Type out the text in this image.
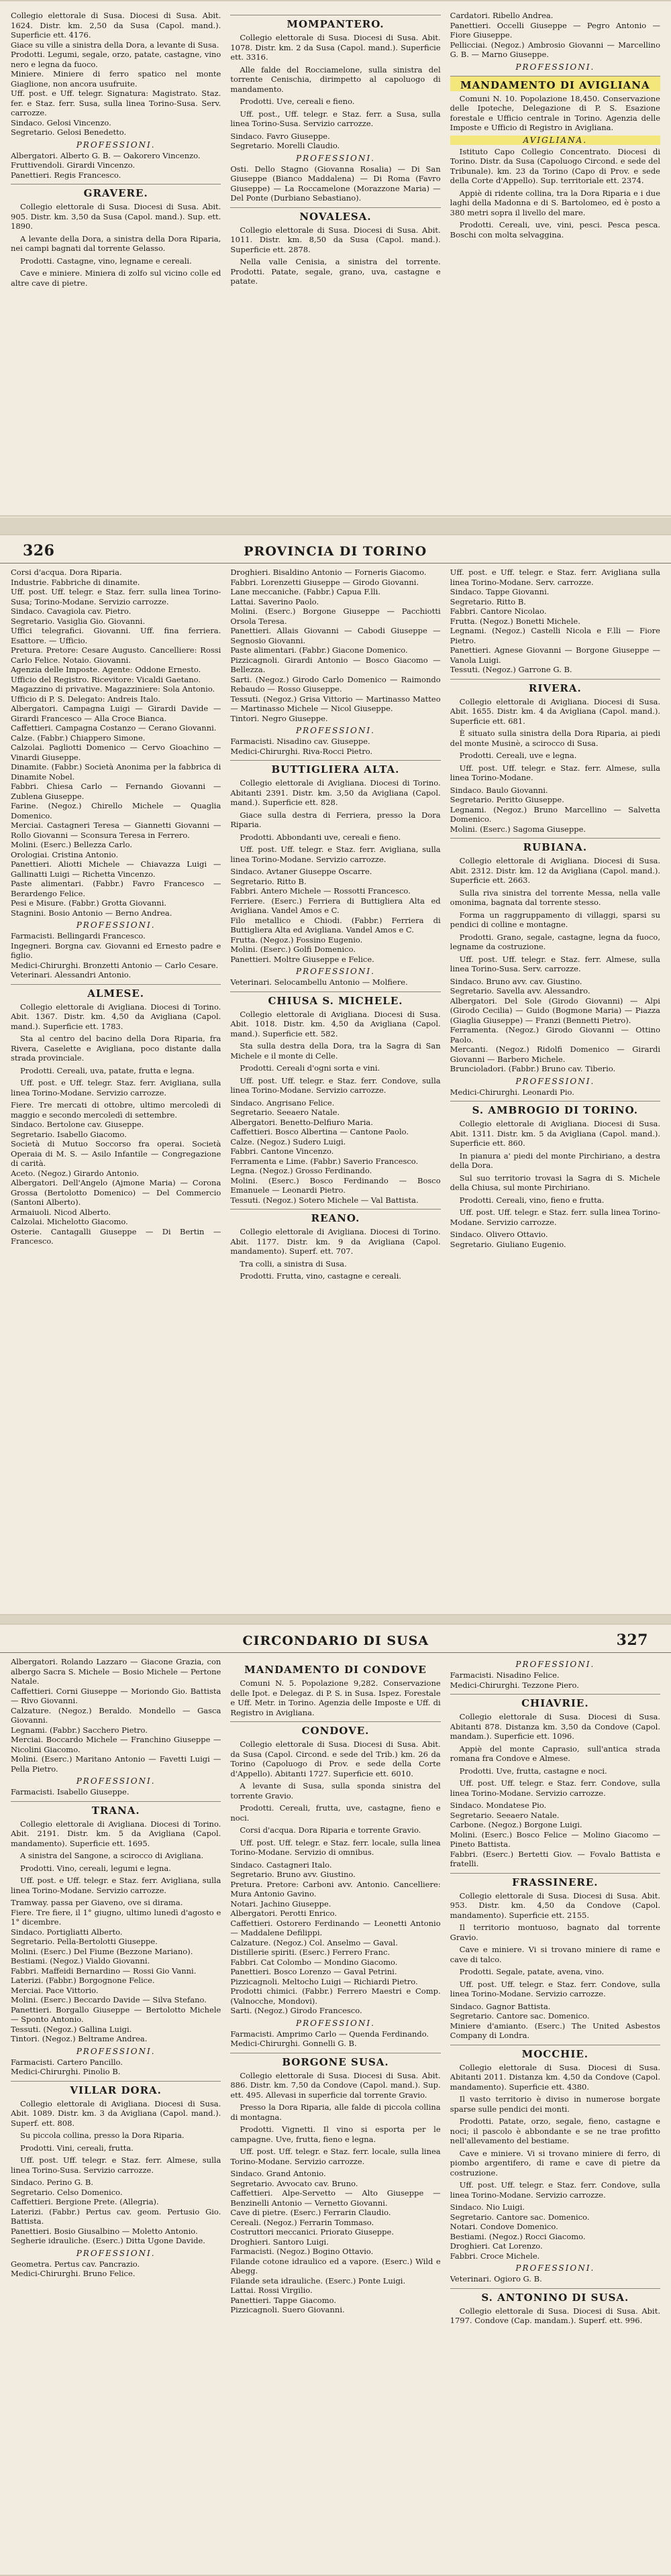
Collegio elettorale di Susa. Diocesi di Susa. Abit. 1624. Distr. km. 2,50 da Susa (Capol. mand.). Superficie ett. 4176.
Giace su ville a sinistra della Dora, a levante di Susa.
Prodotti. Legumi, segale, orzo, patate, castagne, vino nero e legna da fuoco.
Miniere. Miniere di ferro spatico nel monte Giaglione, non ancora usufruite.
Uff. post. e Uff. telegr. Signatura: Magistrato. Staz. fer. e Staz. ferr. Susa, sulla linea Torino-Susa. Serv. carrozze.
Sindaco. Gelosi Vincenzo.
Segretario. Gelosi Benedetto.
PROFESSIONI.
Albergatori. Alberto G. B. — Oakorero Vincenzo.
Fruttivendoli. Girardi Vincenzo.
Panettieri. Regis Francesco.
GRAVERE.
Collegio elettorale di Susa. Diocesi di Susa. Abit. 905. Distr. km. 3,50 da Susa (Capol. mand.). Sup. ett. 1890.
A levante della Dora, a sinistra della Dora Riparia, nei campi bagnati dal torrente Gelasso.
Prodotti. Castagne, vino, legname e cereali.
Cave e miniere. Miniera di zolfo sul vicino colle ed altre cave di pietre.
MOMPANTERO.
Collegio elettorale di Susa. Diocesi di Susa. Abit. 1078. Distr. km. 2 da Susa (Capol. mand.). Superficie ett. 3316.
Alle falde del Rocciamelone, sulla sinistra del torrente Cenischia, dirimpetto al capoluogo di mandamento.
Prodotti. Uve, cereali e fieno.
Uff. post., Uff. telegr. e Staz. ferr. a Susa, sulla linea Torino-Susa. Servizio carrozze.
Sindaco. Favro Giuseppe.
Segretario. Morelli Claudio.
PROFESSIONI.
Osti. Dello Stagno (Giovanna Rosalia) — Di San Giuseppe (Bianco Maddalena) — Di Roma (Favro Giuseppe) — La Roccamelone (Morazzone Maria) — Del Ponte (Durbiano Sebastiano).
NOVALESA.
Collegio elettorale di Susa. Diocesi di Susa. Abit. 1011. Distr. km. 8,50 da Susa (Capol. mand.). Superficie ett. 2878.
Nella valle Cenisia, a sinistra del torrente. Prodotti. Patate, segale, grano, uva, castagne e patate.
Cardatori. Ribello Andrea.
Panettieri. Occelli Giuseppe — Pegro Antonio — Fiore Giuseppe.
Pellicciai. (Negoz.) Ambrosio Giovanni — Marcellino G. B. — Marno Giuseppe.
PROFESSIONI.
MANDAMENTO DI AVIGLIANA
Comuni N. 10. Popolazione 18,450. Conservazione delle Ipoteche, Delegazione di P. S. Esazione forestale e Ufficio centrale in Torino. Agenzia delle Imposte e Ufficio di Registro in Avigliana.
AVIGLIANA.
Istituto Capo Collegio Concentrato. Diocesi di Torino. Distr. da Susa (Capoluogo Circond. e sede del Tribunale). km. 23 da Torino (Capo di Prov. e sede della Corte d'Appello). Sup. territoriale ett. 2374.
Appiè di ridente collina, tra la Dora Riparia e i due laghi della Madonna e di S. Bartolomeo, ed è posto a 380 metri sopra il livello del mare.
Prodotti. Cereali, uve, vini, pesci. Pesca pesca. Boschi con molta selvaggina.
326	PROVINCIA DI TORINO
Corsi d'acqua. Dora Riparia.
Industrie. Fabbriche di dinamite.
Uff. post. Uff. telegr. e Staz. ferr. sulla linea Torino-Susa; Torino-Modane. Servizio carrozze.
Sindaco. Cavagiola cav. Pietro.
Segretario. Vasiglia Gio. Giovanni.
Uffici telegrafici. Giovanni. Uff. fina ferriera. Esattore. — Ufficio.
Pretura. Pretore: Cesare Augusto. Cancelliere: Rossi Carlo Felice. Notaio. Giovanni.
Agenzia delle Imposte. Agente: Oddone Ernesto.
Ufficio del Registro. Ricevitore: Vicaldi Gaetano.
Magazzino di privative. Magazziniere: Sola Antonio.
Ufficio di P. S. Delegato: Andreis Italo.
Albergatori. Campagna Luigi — Girardi Davide — Girardi Francesco — Alla Croce Bianca.
Caffettieri. Campagna Costanzo — Cerano Giovanni.
Calze. (Fabbr.) Chiappero Simone.
Calzolai. Pagliotti Domenico — Cervo Gioachino — Vinardi Giuseppe.
Dinamite. (Fabbr.) Società Anonima per la fabbrica di Dinamite Nobel.
Fabbri. Chiesa Carlo — Fernando Giovanni — Zublena Giuseppe.
Farine. (Negoz.) Chirello Michele — Quaglia Domenico.
Merciai. Castagneri Teresa — Giannetti Giovanni — Rollo Giovanni — Sconsura Teresa in Ferrero.
Molini. (Eserc.) Bellezza Carlo.
Orologiai. Cristina Antonio.
Panettieri. Aliotti Michele — Chiavazza Luigi — Gallinatti Luigi — Richetta Vincenzo.
Paste alimentari. (Fabbr.) Favro Francesco — Berardengo Felice.
Pesi e Misure. (Fabbr.) Grotta Giovanni.
Stagnini. Bosio Antonio — Berno Andrea.
PROFESSIONI.
Farmacisti. Bellingardi Francesco.
Ingegneri. Borgna cav. Giovanni ed Ernesto padre e figlio.
Medici-Chirurghi. Bronzetti Antonio — Carlo Cesare.
Veterinari. Alessandri Antonio.
ALMESE.
Collegio elettorale di Avigliana. Diocesi di Torino. Abit. 1367. Distr. km. 4,50 da Avigliana (Capol. mand.). Superficie ett. 1783.
Sta al centro del bacino della Dora Riparia, fra Rivera, Caselette e Avigliana, poco distante dalla strada provinciale.
Prodotti. Cereali, uva, patate, frutta e legna.
Uff. post. e Uff. telegr. Staz. ferr. Avigliana, sulla linea Torino-Modane. Servizio carrozze.
Fiere. Tre mercati di ottobre, ultimo mercoledì di maggio e secondo mercoledì di settembre.
Sindaco. Bertolone cav. Giuseppe.
Segretario. Isabello Giacomo.
Società di Mutuo Soccorso fra operai. Società Operaia di M. S. — Asilo Infantile — Congregazione di carità.
Aceto. (Negoz.) Girardo Antonio.
Albergatori. Dell'Angelo (Ajmone Maria) — Corona Grossa (Bertolotto Domenico) — Del Commercio (Santoni Alberto).
Armaiuoli. Nicod Alberto.
Calzolai. Michelotto Giacomo.
Osterie. Cantagalli Giuseppe — Di Bertin — Francesco.
Droghieri. Bisaldino Antonio — Forneris Giacomo.
Fabbri. Lorenzetti Giuseppe — Girodo Giovanni.
Lane meccaniche. (Fabbr.) Capua F.lli.
Lattai. Saverino Paolo.
Molini. (Eserc.) Borgone Giuseppe — Pacchiotti Orsola Teresa.
Panettieri. Allais Giovanni — Cabodi Giuseppe — Segnosio Giovanni.
Paste alimentari. (Fabbr.) Giacone Domenico.
Pizzicagnoli. Girardi Antonio — Bosco Giacomo — Bellezza.
Sarti. (Negoz.) Girodo Carlo Domenico — Raimondo Rebaudo — Rosso Giuseppe.
Tessuti. (Negoz.) Grisa Vittorio — Martinasso Matteo — Martinasso Michele — Nicol Giuseppe.
Tintori. Negro Giuseppe.
PROFESSIONI.
Farmacisti. Nisadino cav. Giuseppe.
Medici-Chirurghi. Riva-Rocci Pietro.
BUTTIGLIERA ALTA.
Collegio elettorale di Avigliana. Diocesi di Torino. Abitanti 2391. Distr. km. 3,50 da Avigliana (Capol. mand.). Superficie ett. 828.
Giace sulla destra di Ferriera, presso la Dora Riparia.
Prodotti. Abbondanti uve, cereali e fieno.
Uff. post. Uff. telegr. e Staz. ferr. Avigliana, sulla linea Torino-Modane. Servizio carrozze.
Sindaco. Avtaner Giuseppe Oscarre.
Segretario. Ritto B.
Fabbri. Antero Michele — Rossotti Francesco.
Ferriere. (Eserc.) Ferriera di Buttigliera Alta ed Avigliana. Vandel Amos e C.
Filo metallico e Chiodi. (Fabbr.) Ferriera di Buttigliera Alta ed Avigliana. Vandel Amos e C.
Frutta. (Negoz.) Fossino Eugenio.
Molini. (Eserc.) Golfi Domenico.
Panettieri. Moltre Giuseppe e Felice.
PROFESSIONI.
Veterinari. Selocambellu Antonio — Molfiere.
CHIUSA S. MICHELE.
Collegio elettorale di Avigliana. Diocesi di Susa. Abit. 1018. Distr. km. 4,50 da Avigliana (Capol. mand.). Superficie ett. 582.
Sta sulla destra della Dora, tra la Sagra di San Michele e il monte di Celle.
Prodotti. Cereali d'ogni sorta e vini.
Uff. post. Uff. telegr. e Staz. ferr. Condove, sulla linea Torino-Modane. Servizio carrozze.
Sindaco. Angrisano Felice.
Segretario. Seeaero Natale.
Albergatori. Benetto-Delfiuro Maria.
Caffettieri. Bosco Albertina — Cantone Paolo.
Calze. (Negoz.) Sudero Luigi.
Fabbri. Cantone Vincenzo.
Ferramenta e Lime. (Fabbr.) Saverio Francesco.
Legna. (Negoz.) Grosso Ferdinando.
Molini. (Eserc.) Bosco Ferdinando — Bosco Emanuele — Leonardi Pietro.
Tessuti. (Negoz.) Sotero Michele — Val Battista.
REANO.
Collegio elettorale di Avigliana. Diocesi di Torino. Abit. 1177. Distr. km. 9 da Avigliana (Capol. mandamento). Superf. ett. 707.
Tra colli, a sinistra di Susa.
Prodotti. Frutta, vino, castagne e cereali.
Uff. post. e Uff. telegr. e Staz. ferr. Avigliana sulla linea Torino-Modane. Serv. carrozze.
Sindaco. Tappe Giovanni.
Segretario. Ritto B.
Fabbri. Cantore Nicolao.
Frutta. (Negoz.) Bonetti Michele.
Legnami. (Negoz.) Castelli Nicola e F.lli — Fiore Pietro.
Panettieri. Agnese Giovanni — Borgone Giuseppe — Vanola Luigi.
Tessuti. (Negoz.) Garrone G. B.
RIVERA.
Collegio elettorale di Avigliana. Diocesi di Susa. Abit. 1655. Distr. km. 4 da Avigliana (Capol. mand.). Superficie ett. 681.
È situato sulla sinistra della Dora Riparia, ai piedi del monte Musinè, a scirocco di Susa.
Prodotti. Cereali, uve e legna.
Uff. post. Uff. telegr. e Staz. ferr. Almese, sulla linea Torino-Modane.
Sindaco. Baulo Giovanni.
Segretario. Peritto Giuseppe.
Legnami. (Negoz.) Bruno Marcellino — Salvetta Domenico.
Molini. (Eserc.) Sagoma Giuseppe.
RUBIANA.
Collegio elettorale di Avigliana. Diocesi di Susa. Abit. 2312. Distr. km. 12 da Avigliana (Capol. mand.). Superficie ett. 2663.
Sulla riva sinistra del torrente Messa, nella valle omonima, bagnata dal torrente stesso.
Forma un raggruppamento di villaggi, sparsi su pendici di colline e montagne.
Prodotti. Grano, segale, castagne, legna da fuoco, legname da costruzione.
Uff. post. Uff. telegr. e Staz. ferr. Almese, sulla linea Torino-Susa. Serv. carrozze.
Sindaco. Bruno avv. cav. Giustino.
Segretario. Savella avv. Alessandro.
Albergatori. Del Sole (Girodo Giovanni) — Alpi (Girodo Cecilia) — Guido (Bogmone Maria) — Piazza (Giaglia Giuseppe) — Franzi (Bennetti Pietro).
Ferramenta. (Negoz.) Girodo Giovanni — Ottino Paolo.
Mercanti. (Negoz.) Ridolfi Domenico — Girardi Giovanni — Barbero Michele.
Bruncioladori. (Fabbr.) Bruno cav. Tiberio.
PROFESSIONI.
Medici-Chirurghi. Leonardi Pio.
S. AMBROGIO DI TORINO.
Collegio elettorale di Avigliana. Diocesi di Susa. Abit. 1311. Distr. km. 5 da Avigliana (Capol. mand.). Superficie ett. 860.
In pianura a' piedi del monte Pirchiriano, a destra della Dora.
Sul suo territorio trovasi la Sagra di S. Michele della Chiusa, sul monte Pirchiriano.
Prodotti. Cereali, vino, fieno e frutta.
Uff. post. Uff. telegr. e Staz. ferr. sulla linea Torino-Modane. Servizio carrozze.
Sindaco. Olivero Ottavio.
Segretario. Giuliano Eugenio.
CIRCONDARIO DI SUSA	327
Albergatori. Rolando Lazzaro — Giacone Grazia, con albergo Sacra S. Michele — Bosio Michele — Pertone Natale.
Caffettieri. Corni Giuseppe — Moriondo Gio. Battista — Rivo Giovanni.
Calzature. (Negoz.) Beraldo. Mondello — Gasca Giovanni.
Legnami. (Fabbr.) Sacchero Pietro.
Merciai. Boccardo Michele — Franchino Giuseppe — Nicolini Giacomo.
Molini. (Eserc.) Maritano Antonio — Favetti Luigi — Pella Pietro.
PROFESSIONI.
Farmacisti. Isabello Giuseppe.
TRANA.
Collegio elettorale di Avigliana. Diocesi di Torino. Abit. 2191. Distr. km. 5 da Avigliana (Capol. mandamento). Superficie ett. 1695.
A sinistra del Sangone, a scirocco di Avigliana.
Prodotti. Vino, cereali, legumi e legna.
Uff. post. e Uff. telegr. e Staz. ferr. Avigliana, sulla linea Torino-Modane. Servizio carrozze.
Tramway. passa per Giaveno, ove si dirama.
Fiere. Tre fiere, il 1° giugno, ultimo lunedì d'agosto e 1° dicembre.
Sindaco. Portigliatti Alberto.
Segretario. Pella-Bertolotti Giuseppe.
Molini. (Eserc.) Del Fiume (Bezzone Mariano).
Bestiami. (Negoz.) Vialdo Giovanni.
Fabbri. Maffeidi Bernardino — Rossi Gio Vanni.
Laterizi. (Fabbr.) Borgognone Felice.
Merciai. Pace Vittorio.
Molini. (Eserc.) Beccardo Davide — Silva Stefano.
Panettieri. Borgallo Giuseppe — Bertolotto Michele — Sponto Antonio.
Tessuti. (Negoz.) Gallina Luigi.
Tintori. (Negoz.) Beltrame Andrea.
PROFESSIONI.
Farmacisti. Cartero Pancillo.
Medici-Chirurghi. Pinolio B.
VILLAR DORA.
Collegio elettorale di Avigliana. Diocesi di Susa. Abit. 1089. Distr. km. 3 da Avigliana (Capol. mand.). Superf. ett. 808.
Su piccola collina, presso la Dora Riparia.
Prodotti. Vini, cereali, frutta.
Uff. post. Uff. telegr. e Staz. ferr. Almese, sulla linea Torino-Susa. Servizio carrozze.
Sindaco. Perino G. B.
Segretario. Celso Domenico.
Caffettieri. Bergione Prete. (Allegria).
Laterizi. (Fabbr.) Pertus cav. geom. Pertusio Gio. Battista.
Panettieri. Bosio Giusalbino — Moletto Antonio.
Segherie idrauliche. (Eserc.) Ditta Ugone Davide.
PROFESSIONI.
Geometra. Pertus cav. Pancrazio.
Medici-Chirurghi. Bruno Felice.
MANDAMENTO DI CONDOVE
Comuni N. 5. Popolazione 9,282. Conservazione delle Ipot. e Delegaz. di P. S. in Susa. Ispez. Forestale e Uff. Metr. in Torino. Agenzia delle Imposte e Uff. di Registro in Avigliana.
CONDOVE.
Collegio elettorale di Susa. Diocesi di Susa. Abit. da Susa (Capol. Circond. e sede del Trib.) km. 26 da Torino (Capoluogo di Prov. e sede della Corte d'Appello). Abitanti 1727. Superficie ett. 6010.
A levante di Susa, sulla sponda sinistra del torrente Gravio.
Prodotti. Cereali, frutta, uve, castagne, fieno e noci.
Corsi d'acqua. Dora Riparia e torrente Gravio.
Uff. post. Uff. telegr. e Staz. ferr. locale, sulla linea Torino-Modane. Servizio di omnibus.
Sindaco. Castagneri Italo.
Segretario. Bruno avv. Giustino.
Pretura. Pretore: Carboni avv. Antonio. Cancelliere: Mura Antonio Gavino.
Notari. Jachino Giuseppe.
Albergatori. Perotti Enrico.
Caffettieri. Ostorero Ferdinando — Leonetti Antonio — Maddalene Defilippi.
Calzature. (Negoz.) Col. Anselmo — Gaval.
Distillerie spiriti. (Eserc.) Ferrero Franc.
Fabbri. Cat Colombo — Mondino Giacomo.
Panettieri. Bosco Lorenzo — Gaval Petrini.
Pizzicagnoli. Meltocho Luigi — Richiardi Pietro.
Prodotti chimici. (Fabbr.) Ferrero Maestri e Comp. (Valnocche, Mondovi).
Sarti. (Negoz.) Girodo Francesco.
PROFESSIONI.
Farmacisti. Amprimo Carlo — Quenda Ferdinando.
Medici-Chirurghi. Gonnelli G. B.
BORGONE SUSA.
Collegio elettorale di Susa. Diocesi di Susa. Abit. 886. Distr. km. 7,50 da Condove (Capol. mand.). Sup. ett. 495. Allevasi in superficie dal torrente Gravio.
Presso la Dora Riparia, alle falde di piccola collina di montagna.
Prodotti. Vignetti. Il vino si esporta per le campagne. Uve, frutta, fieno e legna.
Uff. post. Uff. telegr. e Staz. ferr. locale, sulla linea Torino-Modane. Servizio carrozze.
Sindaco. Grand Antonio.
Segretario. Avvocato cav. Bruno.
Caffettieri. Alpe-Servetto — Alto Giuseppe — Benzinelli Antonio — Vernetto Giovanni.
Cave di pietre. (Eserc.) Ferrarin Claudio.
Cereali. (Negoz.) Ferrarin Tommaso.
Costruttori meccanici. Priorato Giuseppe.
Droghieri. Santoro Luigi.
Farmacisti. (Negoz.) Bogino Ottavio.
Filande cotone idraulico ed a vapore. (Eserc.) Wild e Abegg.
Filande seta idrauliche. (Eserc.) Ponte Luigi.
Lattai. Rossi Virgilio.
Panettieri. Tappe Giacomo.
Pizzicagnoli. Suero Giovanni.
PROFESSIONI.
Farmacisti. Nisadino Felice.
Medici-Chirurghi. Tezzone Piero.
CHIAVRIE.
Collegio elettorale di Susa. Diocesi di Susa. Abitanti 878. Distanza km. 3,50 da Condove (Capol. mandam.). Superficie ett. 1096.
Appiè del monte Caprasio, sull'antica strada romana fra Condove e Almese.
Prodotti. Uve, frutta, castagne e noci.
Uff. post. Uff. telegr. e Staz. ferr. Condove, sulla linea Torino-Modane. Servizio carrozze.
Sindaco. Mondatese Pio.
Segretario. Seeaero Natale.
Carbone. (Negoz.) Borgone Luigi.
Molini. (Eserc.) Bosco Felice — Molino Giacomo — Pineto Battista.
Fabbri. (Eserc.) Bertetti Giov. — Fovalo Battista e fratelli.
FRASSINERE.
Collegio elettorale di Susa. Diocesi di Susa. Abit. 953. Distr. km. 4,50 da Condove (Capol. mandamento). Superficie ett. 2155.
Il territorio montuoso, bagnato dal torrente Gravio.
Cave e miniere. Vi si trovano miniere di rame e cave di talco.
Prodotti. Segale, patate, avena, vino.
Uff. post. Uff. telegr. e Staz. ferr. Condove, sulla linea Torino-Modane. Servizio carrozze.
Sindaco. Gagnor Battista.
Segretario. Cantore sac. Domenico.
Miniere d'amianto. (Eserc.) The United Asbestos Company di Londra.
MOCCHIE.
Collegio elettorale di Susa. Diocesi di Susa. Abitanti 2011. Distanza km. 4,50 da Condove (Capol. mandamento). Superficie ett. 4380.
Il vasto territorio è diviso in numerose borgate sparse sulle pendici dei monti.
Prodotti. Patate, orzo, segale, fieno, castagne e noci; il pascolo è abbondante e se ne trae profitto nell'allevamento del bestiame.
Cave e miniere. Vi si trovano miniere di ferro, di piombo argentifero, di rame e cave di pietre da costruzione.
Uff. post. Uff. telegr. e Staz. ferr. Condove, sulla linea Torino-Modane. Servizio carrozze.
Sindaco. Nio Luigi.
Segretario. Cantore sac. Domenico.
Notari. Condove Domenico.
Bestiami. (Negoz.) Rocci Giacomo.
Droghieri. Cat Lorenzo.
Fabbri. Croce Michele.
PROFESSIONI.
Veterinari. Ogioro G. B.
S. ANTONINO DI SUSA.
Collegio elettorale di Susa. Diocesi di Susa. Abit. 1797. Condove (Cap. mandam.). Superf. ett. 996.
